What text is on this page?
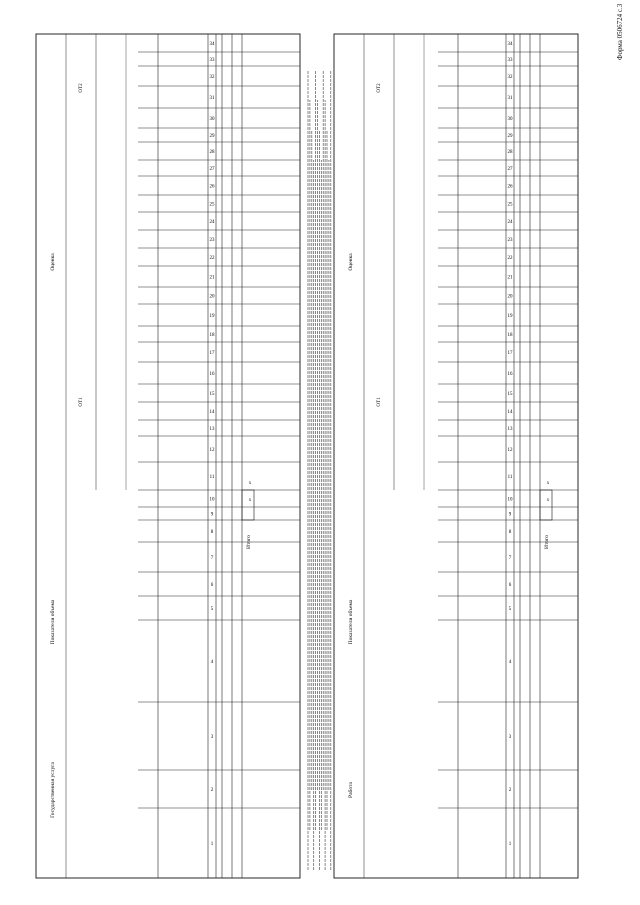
Государственная услуга
Показатели объема
Оценка
ОТ1
ОТ2
1
2
3
4
5
6
7
8
9
10
11
12
13
14
15
16
17
18
19
20
21
22
23
24
25
26
27
28
29
30
31
32
33
34
Итого
x
x
Работа
Показатели объема
Оценка
ОТ1
ОТ2
1
2
3
4
5
6
7
8
9
10
11
12
13
14
15
16
17
18
19
20
21
22
23
24
25
26
27
28
29
30
31
32
33
34
Итого
x
x
Форма 0506724 с.3
